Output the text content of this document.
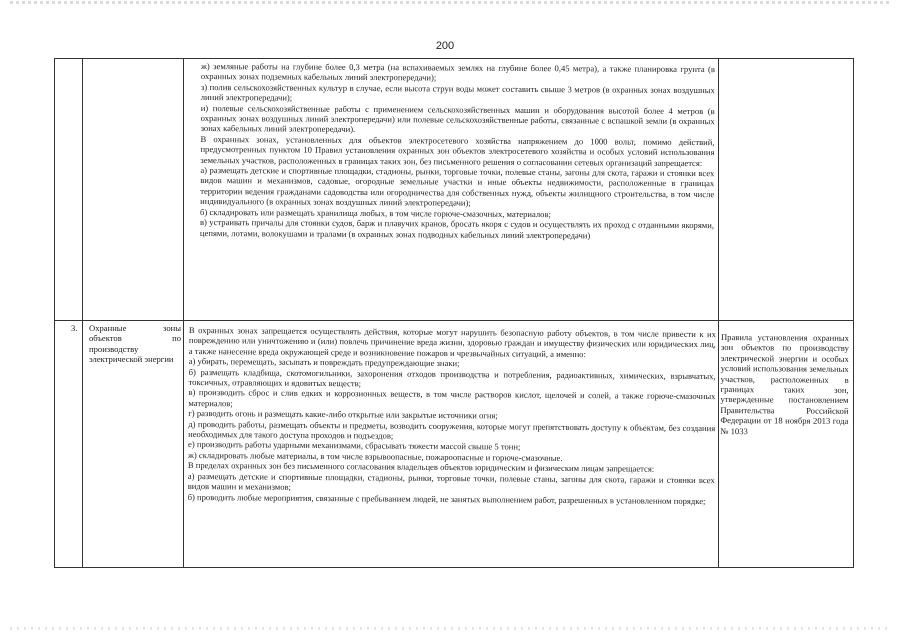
200

ж) земляные работы на глубине более 0,3 метра (на вспахиваемых землях на глубине более 0,45 метра), а также планировка грунта (в охранных зонах подземных кабельных линий электропередачи);

з) полив сельскохозяйственных культур в случае, если высота струи воды может составить свыше 3 метров (в охранных зонах воздушных линий электропередачи);

и) полевые сельскохозяйственные работы с применением сельскохозяйственных машин и оборудования высотой более 4 метров (в охранных зонах воздушных линий электропередачи) или полевые сельскохозяйственные работы, связанные с вспашкой земли (в охранных зонах кабельных линий электропередачи).

В охранных зонах, установленных для объектов электросетевого хозяйства напряжением до 1000 вольт, помимо действий, предусмотренных пунктом 10 Правил установления охранных зон объектов электросетевого хозяйства и особых условий использования земельных участков, расположенных в границах таких зон, без письменного решения о согласовании сетевых организаций запрещается:

а) размещать детские и спортивные площадки, стадионы, рынки, торговые точки, полевые станы, загоны для скота, гаражи и стоянки всех видов машин и механизмов, садовые, огородные земельные участки и иные объекты недвижимости, расположенные в границах территории ведения гражданами садоводства или огородничества для собственных нужд, объекты жилищного строительства, в том числе индивидуального (в охранных зонах воздушных линий электропередачи);

б) складировать или размещать хранилища любых, в том числе горюче-смазочных, материалов;

в) устраивать причалы для стоянки судов, барж и плавучих кранов, бросать якоря с судов и осуществлять их проход с отданными якорями, цепями, лотами, волокушами и тралами (в охранных зонах подводных кабельных линий электропередачи)

3. Охранные зоны объектов по производству электрической энергии

В охранных зонах запрещается осуществлять действия, которые могут нарушить безопасную работу объектов, в том числе привести к их повреждению или уничтожению и (или) повлечь причинение вреда жизни, здоровью граждан и имуществу физических или юридических лиц, а также нанесение вреда окружающей среде и возникновение пожаров и чрезвычайных ситуаций, а именно:

а) убирать, перемещать, засыпать и повреждать предупреждающие знаки;

б) размещать кладбища, скотомогильники, захоронения отходов производства и потребления, радиоактивных, химических, взрывчатых, токсичных, отравляющих и ядовитых веществ;

в) производить сброс и слив едких и коррозионных веществ, в том числе растворов кислот, щелочей и солей, а также горюче-смазочных материалов;

г) разводить огонь и размещать какие-либо открытые или закрытые источники огня;

д) проводить работы, размещать объекты и предметы, возводить сооружения, которые могут препятствовать доступу к объектам, без создания необходимых для такого доступа проходов и подъездов;

е) производить работы ударными механизмами, сбрасывать тяжести массой свыше 5 тонн;

ж) складировать любые материалы, в том числе взрывоопасные, пожароопасные и горюче-смазочные.

В пределах охранных зон без письменного согласования владельцев объектов юридическим и физическим лицам запрещается:

а) размещать детские и спортивные площадки, стадионы, рынки, торговые точки, полевые станы, загоны для скота, гаражи и стоянки всех видов машин и механизмов;

б) проводить любые мероприятия, связанные с пребыванием людей, не занятых выполнением работ, разрешенных в установленном порядке;

Правила установления охранных зон объектов по производству электрической энергии и особых условий использования земельных участков, расположенных в границах таких зон, утвержденные постановлением Правительства Российской Федерации от 18 ноября 2013 года № 1033
